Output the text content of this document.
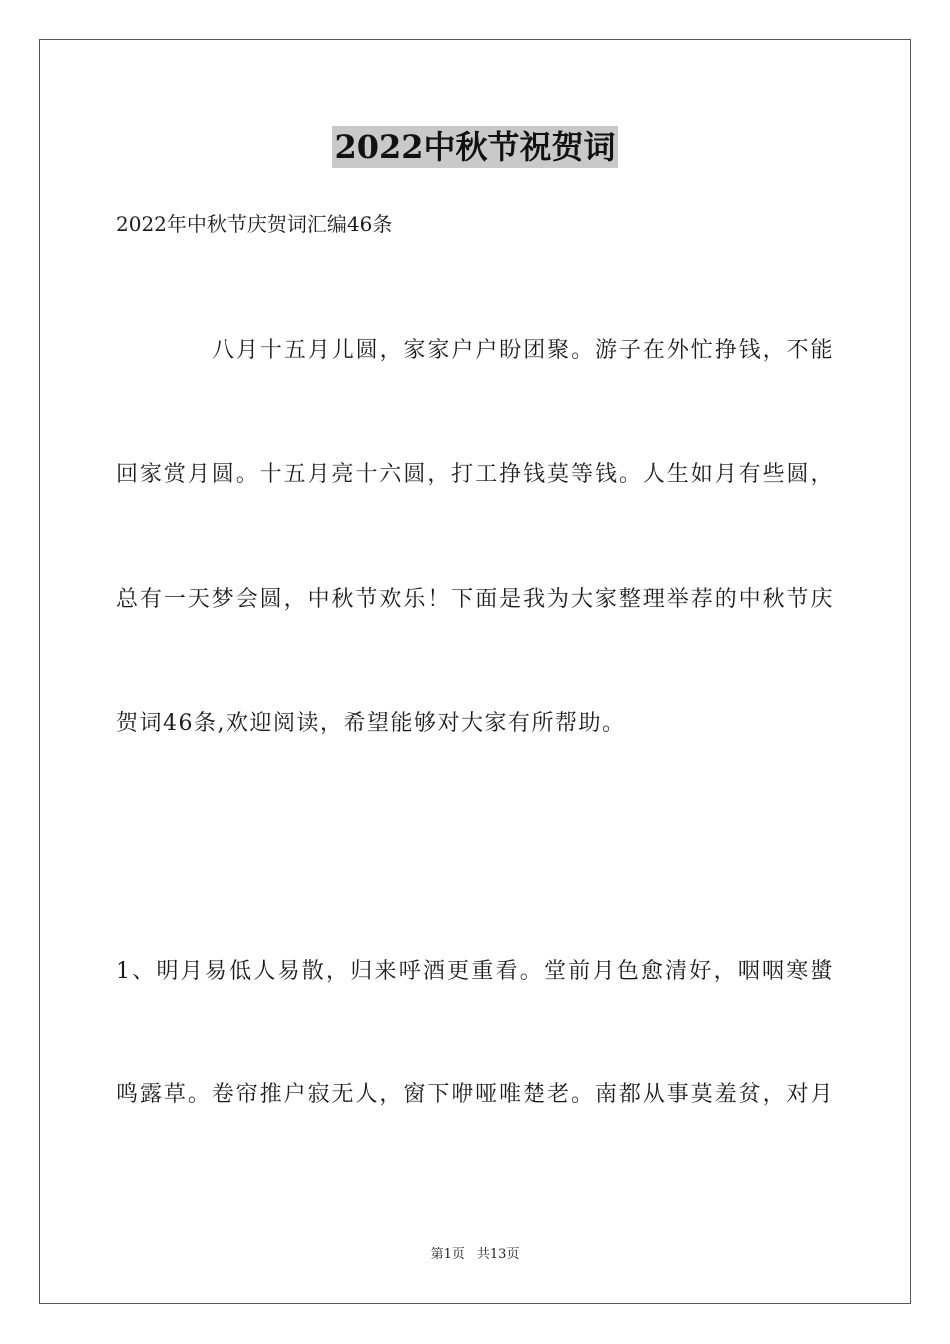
2022中秋节祝贺词
2022年中秋节庆贺词汇编46条
八月十五月儿圆，家家户户盼团聚。游子在外忙挣钱，不能
回家赏月圆。十五月亮十六圆，打工挣钱莫等钱。人生如月有些圆，
总有一天梦会圆，中秋节欢乐！下面是我为大家整理举荐的中秋节庆
贺词46条,欢迎阅读，希望能够对大家有所帮助。
1、明月易低人易散，归来呼酒更重看。堂前月色愈清好，咽咽寒螿
鸣露草。卷帘推户寂无人，窗下咿哑唯楚老。南都从事莫羞贫，对月
第1页 共13页
